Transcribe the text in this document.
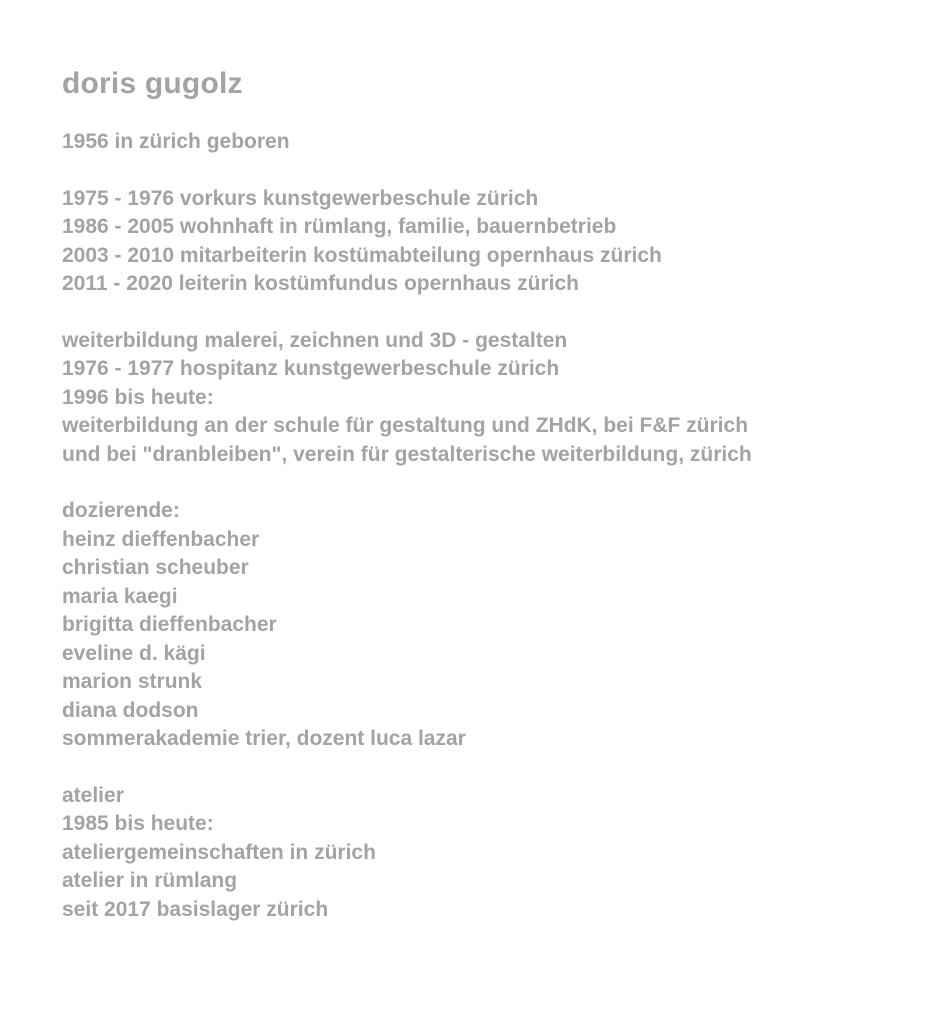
doris gugolz
1956 in zürich geboren
1975 - 1976 vorkurs kunstgewerbeschule zürich
1986 - 2005 wohnhaft in rümlang, familie, bauernbetrieb
2003 - 2010 mitarbeiterin kostümabteilung opernhaus zürich
2011 - 2020 leiterin kostümfundus opernhaus zürich
weiterbildung malerei, zeichnen und 3D - gestalten
1976 - 1977 hospitanz kunstgewerbeschule zürich
1996 bis heute:
weiterbildung an der schule für gestaltung und ZHdK, bei F&F zürich
und bei "dranbleiben", verein für gestalterische weiterbildung, zürich
dozierende:
heinz dieffenbacher
christian scheuber
maria kaegi
brigitta dieffenbacher
eveline d. kägi
marion strunk
diana dodson
sommerakademie trier, dozent luca lazar
atelier
1985 bis heute:
ateliergemeinschaften in zürich
atelier in rümlang
seit 2017 basislager zürich
